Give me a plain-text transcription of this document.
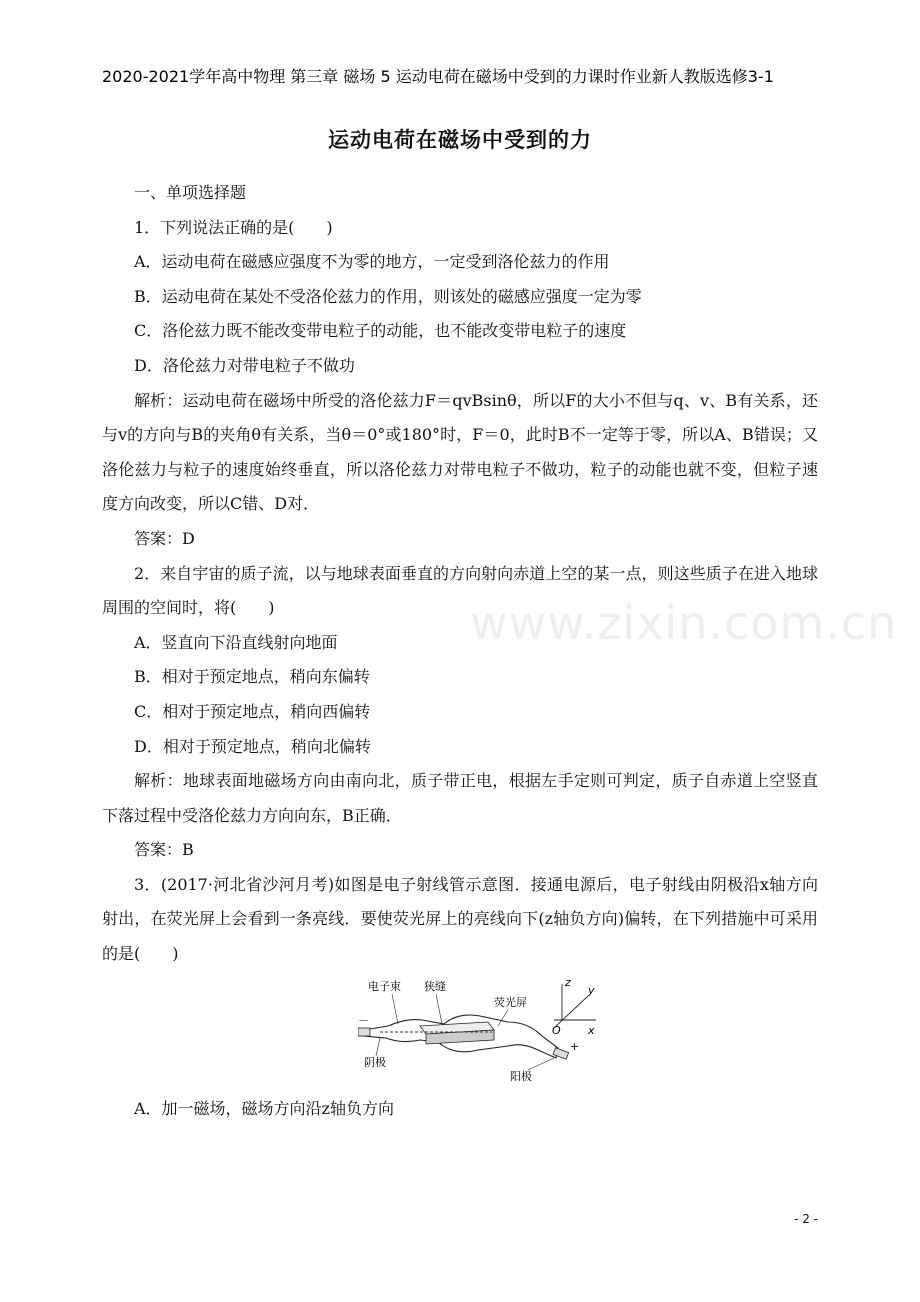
2020-2021学年高中物理 第三章 磁场 5 运动电荷在磁场中受到的力课时作业新人教版选修3-1
运动电荷在磁场中受到的力
www.zixin.com.cn

一、单项选择题

1．下列说法正确的是(　　)

A．运动电荷在磁感应强度不为零的地方，一定受到洛伦兹力的作用

B．运动电荷在某处不受洛伦兹力的作用，则该处的磁感应强度一定为零

C．洛伦兹力既不能改变带电粒子的动能，也不能改变带电粒子的速度

D．洛伦兹力对带电粒子不做功

解析：运动电荷在磁场中所受的洛伦兹力F＝qvBsinθ，所以F的大小不但与q、v、B有关系，还与v的方向与B的夹角θ有关系，当θ＝0°或180°时，F＝0，此时B不一定等于零，所以A、B错误；又洛伦兹力与粒子的速度始终垂直，所以洛伦兹力对带电粒子不做功，粒子的动能也就不变，但粒子速度方向改变，所以C错、D对．

答案：D

2．来自宇宙的质子流，以与地球表面垂直的方向射向赤道上空的某一点，则这些质子在进入地球周围的空间时，将(　　)

A．竖直向下沿直线射向地面

B．相对于预定地点，稍向东偏转

C．相对于预定地点，稍向西偏转

D．相对于预定地点，稍向北偏转

解析：地球表面地磁场方向由南向北，质子带正电，根据左手定则可判定，质子自赤道上空竖直下落过程中受洛伦兹力方向向东，B正确．

答案：B

3．(2017·河北省沙河月考)如图是电子射线管示意图．接通电源后，电子射线由阴极沿x轴方向射出，在荧光屏上会看到一条亮线．要使荧光屏上的亮线向下(z轴负方向)偏转，在下列措施中可采用的是(　　)

电子束 狭缝
荧光屏
阴极
阳极
－
+
z
y
x
O

A．加一磁场，磁场方向沿z轴负方向

- 2 -
